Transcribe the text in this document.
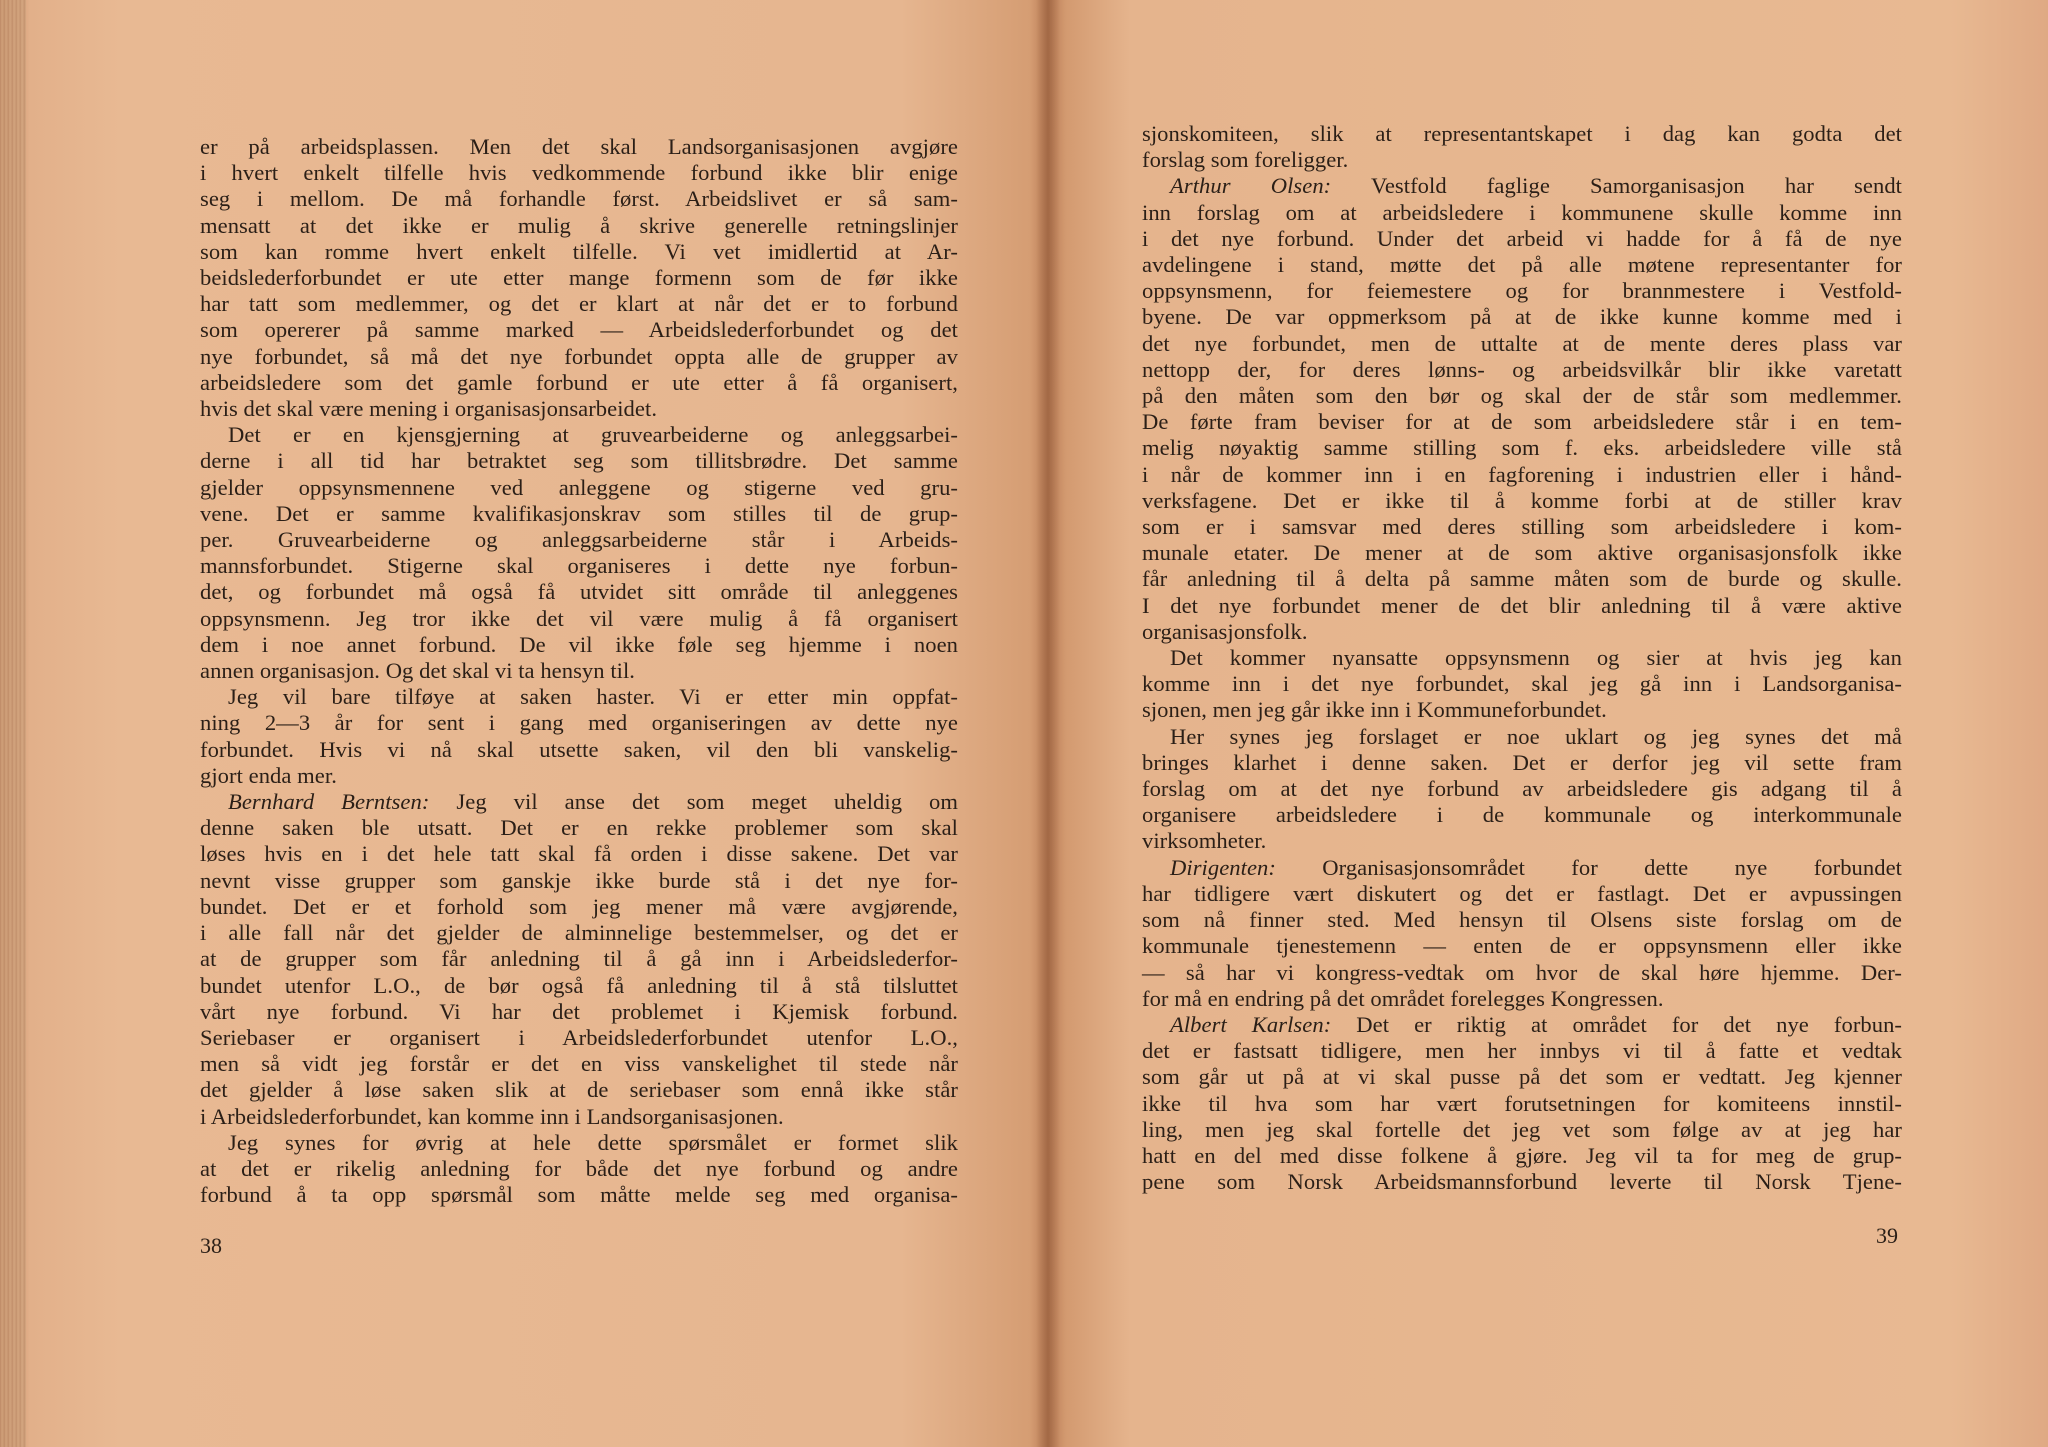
er på arbeidsplassen. Men det skal Landsorganisasjonen avgjøre
i hvert enkelt tilfelle hvis vedkommende forbund ikke blir enige
seg i mellom. De må forhandle først. Arbeidslivet er så sam-
mensatt at det ikke er mulig å skrive generelle retningslinjer
som kan romme hvert enkelt tilfelle. Vi vet imidlertid at Ar-
beidslederforbundet er ute etter mange formenn som de før ikke
har tatt som medlemmer, og det er klart at når det er to forbund
som opererer på samme marked — Arbeidslederforbundet og det
nye forbundet, så må det nye forbundet oppta alle de grupper av
arbeidsledere som det gamle forbund er ute etter å få organisert,
hvis det skal være mening i organisasjonsarbeidet.
Det er en kjensgjerning at gruvearbeiderne og anleggsarbei-
derne i all tid har betraktet seg som tillitsbrødre. Det samme
gjelder oppsynsmennene ved anleggene og stigerne ved gru-
vene. Det er samme kvalifikasjonskrav som stilles til de grup-
per. Gruvearbeiderne og anleggsarbeiderne står i Arbeids-
mannsforbundet. Stigerne skal organiseres i dette nye forbun-
det, og forbundet må også få utvidet sitt område til anleggenes
oppsynsmenn. Jeg tror ikke det vil være mulig å få organisert
dem i noe annet forbund. De vil ikke føle seg hjemme i noen
annen organisasjon. Og det skal vi ta hensyn til.
Jeg vil bare tilføye at saken haster. Vi er etter min oppfat-
ning 2—3 år for sent i gang med organiseringen av dette nye
forbundet. Hvis vi nå skal utsette saken, vil den bli vanskelig-
gjort enda mer.
Bernhard Berntsen: Jeg vil anse det som meget uheldig om
denne saken ble utsatt. Det er en rekke problemer som skal
løses hvis en i det hele tatt skal få orden i disse sakene. Det var
nevnt visse grupper som ganskje ikke burde stå i det nye for-
bundet. Det er et forhold som jeg mener må være avgjørende,
i alle fall når det gjelder de alminnelige bestemmelser, og det er
at de grupper som får anledning til å gå inn i Arbeidslederfor-
bundet utenfor L.O., de bør også få anledning til å stå tilsluttet
vårt nye forbund. Vi har det problemet i Kjemisk forbund.
Seriebaser er organisert i Arbeidslederforbundet utenfor L.O.,
men så vidt jeg forstår er det en viss vanskelighet til stede når
det gjelder å løse saken slik at de seriebaser som ennå ikke står
i Arbeidslederforbundet, kan komme inn i Landsorganisasjonen.
Jeg synes for øvrig at hele dette spørsmålet er formet slik
at det er rikelig anledning for både det nye forbund og andre
forbund å ta opp spørsmål som måtte melde seg med organisa-
38
sjonskomiteen, slik at representantskapet i dag kan godta det
forslag som foreligger.
Arthur Olsen: Vestfold faglige Samorganisasjon har sendt
inn forslag om at arbeidsledere i kommunene skulle komme inn
i det nye forbund. Under det arbeid vi hadde for å få de nye
avdelingene i stand, møtte det på alle møtene representanter for
oppsynsmenn, for feiemestere og for brannmestere i Vestfold-
byene. De var oppmerksom på at de ikke kunne komme med i
det nye forbundet, men de uttalte at de mente deres plass var
nettopp der, for deres lønns- og arbeidsvilkår blir ikke varetatt
på den måten som den bør og skal der de står som medlemmer.
De førte fram beviser for at de som arbeidsledere står i en tem-
melig nøyaktig samme stilling som f. eks. arbeidsledere ville stå
i når de kommer inn i en fagforening i industrien eller i hånd-
verksfagene. Det er ikke til å komme forbi at de stiller krav
som er i samsvar med deres stilling som arbeidsledere i kom-
munale etater. De mener at de som aktive organisasjonsfolk ikke
får anledning til å delta på samme måten som de burde og skulle.
I det nye forbundet mener de det blir anledning til å være aktive
organisasjonsfolk.
Det kommer nyansatte oppsynsmenn og sier at hvis jeg kan
komme inn i det nye forbundet, skal jeg gå inn i Landsorganisa-
sjonen, men jeg går ikke inn i Kommuneforbundet.
Her synes jeg forslaget er noe uklart og jeg synes det må
bringes klarhet i denne saken. Det er derfor jeg vil sette fram
forslag om at det nye forbund av arbeidsledere gis adgang til å
organisere arbeidsledere i de kommunale og interkommunale
virksomheter.
Dirigenten: Organisasjonsområdet for dette nye forbundet
har tidligere vært diskutert og det er fastlagt. Det er avpussingen
som nå finner sted. Med hensyn til Olsens siste forslag om de
kommunale tjenestemenn — enten de er oppsynsmenn eller ikke
— så har vi kongress-vedtak om hvor de skal høre hjemme. Der-
for må en endring på det området forelegges Kongressen.
Albert Karlsen: Det er riktig at området for det nye forbun-
det er fastsatt tidligere, men her innbys vi til å fatte et vedtak
som går ut på at vi skal pusse på det som er vedtatt. Jeg kjenner
ikke til hva som har vært forutsetningen for komiteens innstil-
ling, men jeg skal fortelle det jeg vet som følge av at jeg har
hatt en del med disse folkene å gjøre. Jeg vil ta for meg de grup-
pene som Norsk Arbeidsmannsforbund leverte til Norsk Tjene-
39
